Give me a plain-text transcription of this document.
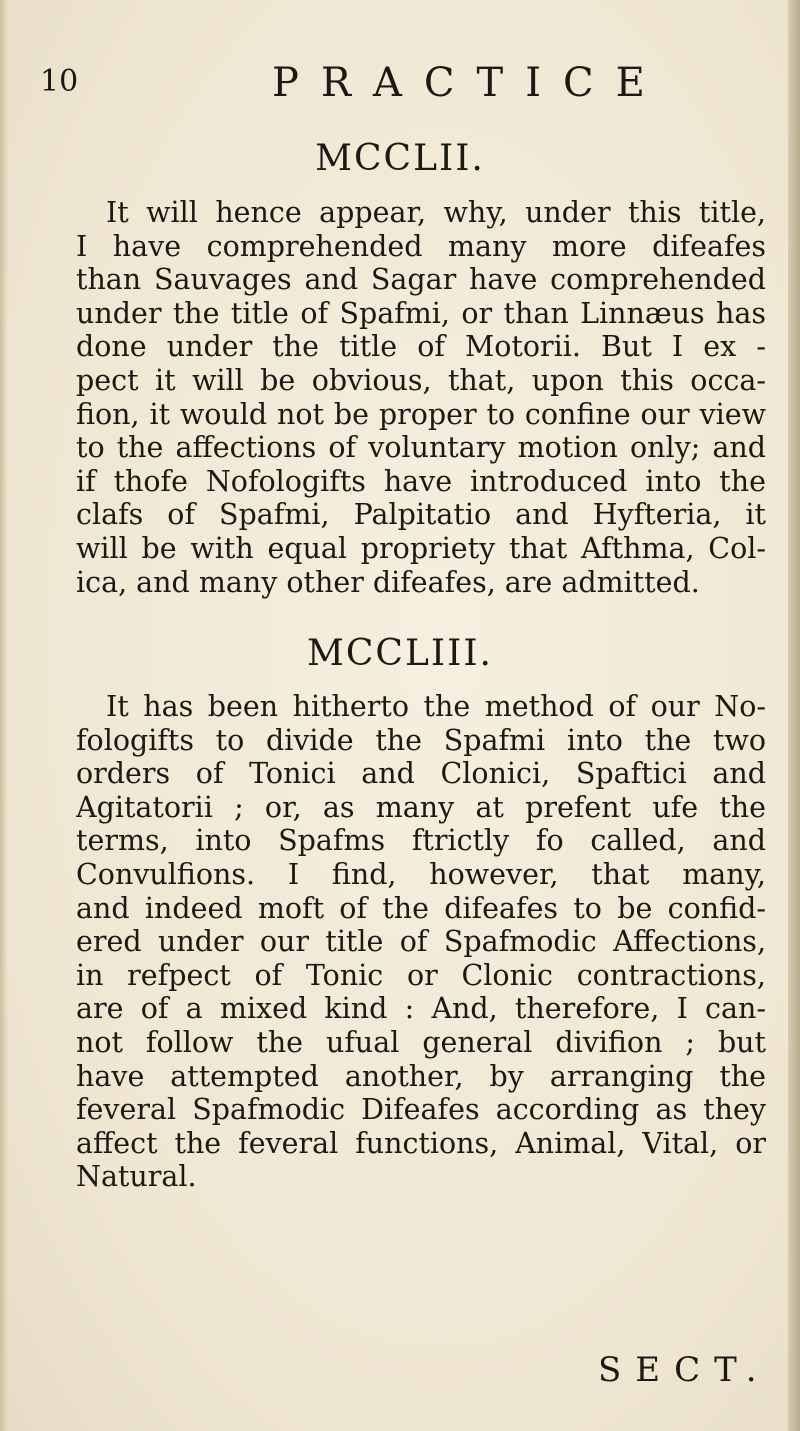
10	PRACTICE
MCCLII.
It will hence appear, why, under this title,
I have comprehended many more difeafes
than Sauvages and Sagar have comprehended
under the title of Spafmi, or than Linnæus has
done under the title of Motorii. But I ex -
pect it will be obvious, that, upon this occa-
fion, it would not be proper to confine our view
to the affections of voluntary motion only; and
if thofe Nofologifts have introduced into the
clafs of Spafmi, Palpitatio and Hyfteria, it
will be with equal propriety that Afthma, Col-
ica, and many other difeafes, are admitted.
MCCLIII.
It has been hitherto the method of our No-
fologifts to divide the Spafmi into the two
orders of Tonici and Clonici, Spaftici and
Agitatorii ; or, as many at prefent ufe the
terms, into Spafms ftrictly fo called, and
Convulfions. I find, however, that many,
and indeed moft of the difeafes to be confid-
ered under our title of Spafmodic Affections,
in refpect of Tonic or Clonic contractions,
are of a mixed kind : And, therefore, I can-
not follow the ufual general divifion ; but
have attempted another, by arranging the
feveral Spafmodic Difeafes according as they
affect the feveral functions, Animal, Vital, or
Natural.
SECT.
